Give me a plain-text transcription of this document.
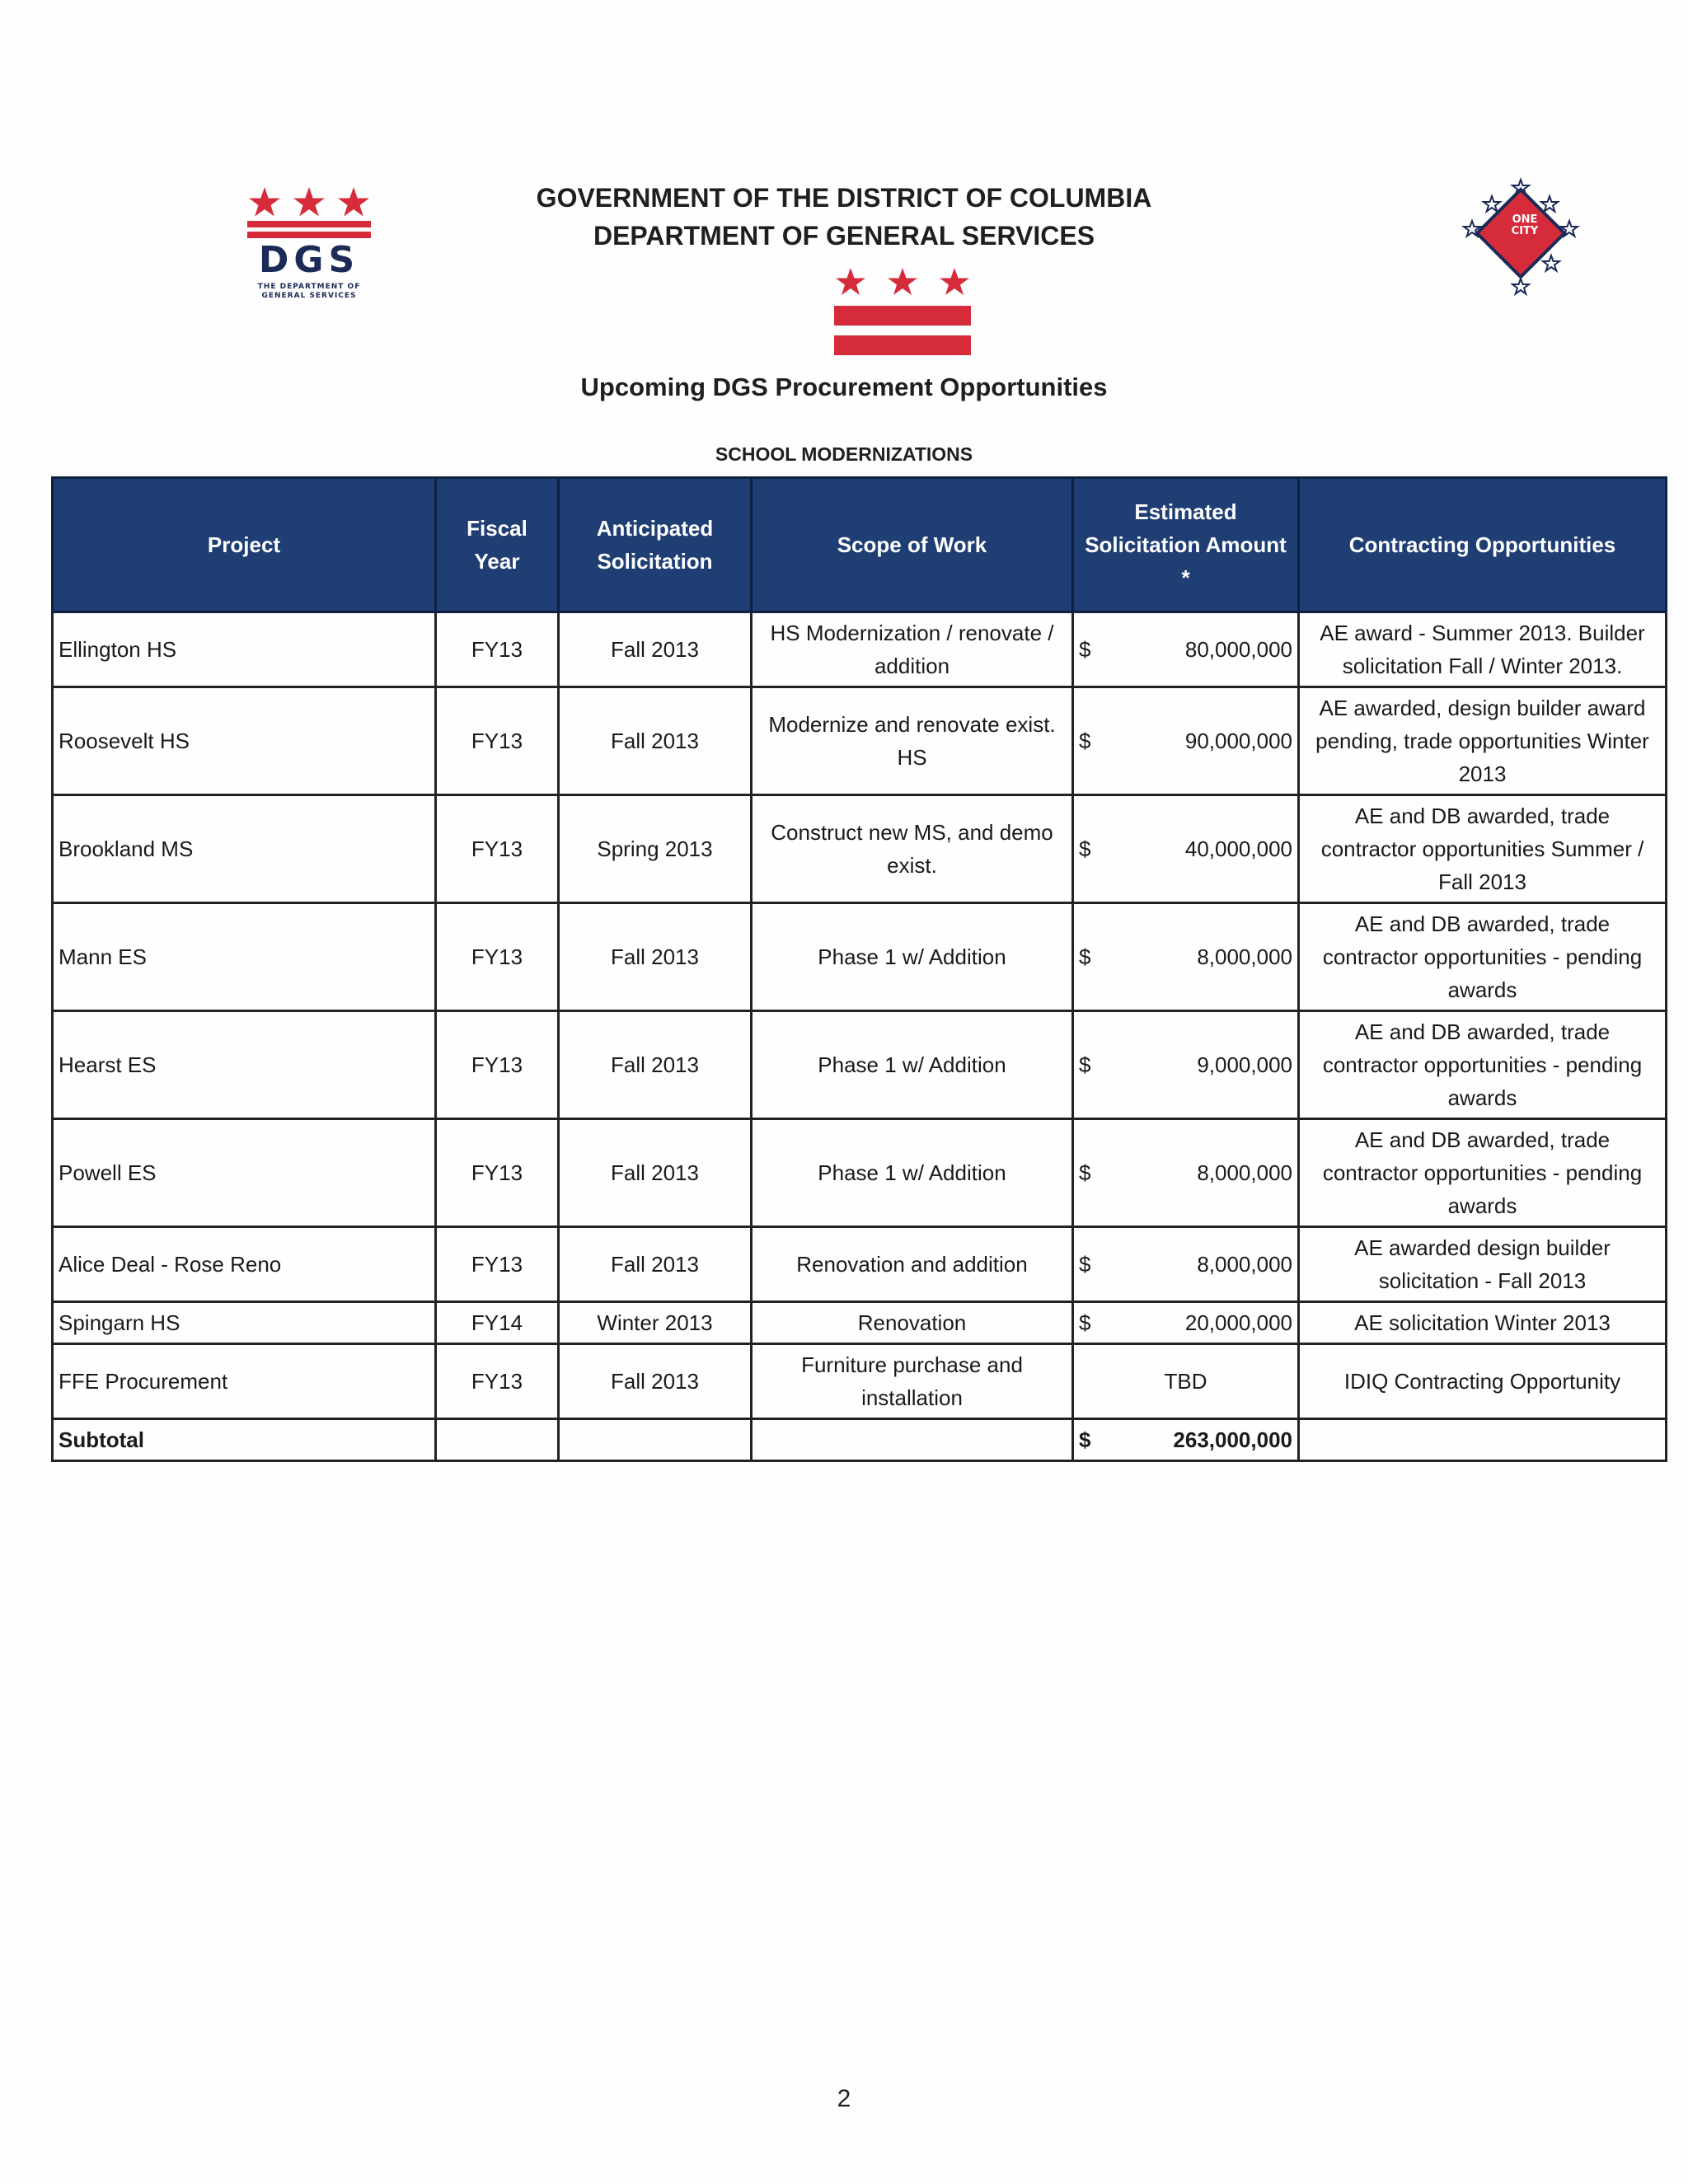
DGS
THE DEPARTMENT OF
GENERAL SERVICES
ONE
CITY
GOVERNMENT OF THE DISTRICT OF COLUMBIA
DEPARTMENT OF GENERAL SERVICES
Upcoming DGS Procurement Opportunities
SCHOOL MODERNIZATIONS
Project	Fiscal Year	Anticipated Solicitation	Scope of Work	Estimated Solicitation Amount *	Contracting Opportunities
Ellington HS	FY13	Fall 2013	HS Modernization / renovate / addition	$ 80,000,000	AE award - Summer 2013. Builder solicitation Fall / Winter 2013.
Roosevelt HS	FY13	Fall 2013	Modernize and renovate exist. HS	$ 90,000,000	AE awarded, design builder award pending, trade opportunities Winter 2013
Brookland MS	FY13	Spring 2013	Construct new MS, and demo exist.	$ 40,000,000	AE and DB awarded, trade contractor opportunities Summer / Fall 2013
Mann ES	FY13	Fall 2013	Phase 1 w/ Addition	$ 8,000,000	AE and DB awarded, trade contractor opportunities - pending awards
Hearst ES	FY13	Fall 2013	Phase 1 w/ Addition	$ 9,000,000	AE and DB awarded, trade contractor opportunities - pending awards
Powell ES	FY13	Fall 2013	Phase 1 w/ Addition	$ 8,000,000	AE and DB awarded, trade contractor opportunities - pending awards
Alice Deal - Rose Reno	FY13	Fall 2013	Renovation and addition	$ 8,000,000	AE awarded design builder solicitation - Fall 2013
Spingarn HS	FY14	Winter 2013	Renovation	$ 20,000,000	AE solicitation Winter 2013
FFE Procurement	FY13	Fall 2013	Furniture purchase and installation	TBD	IDIQ Contracting Opportunity
Subtotal				$ 263,000,000	

2
